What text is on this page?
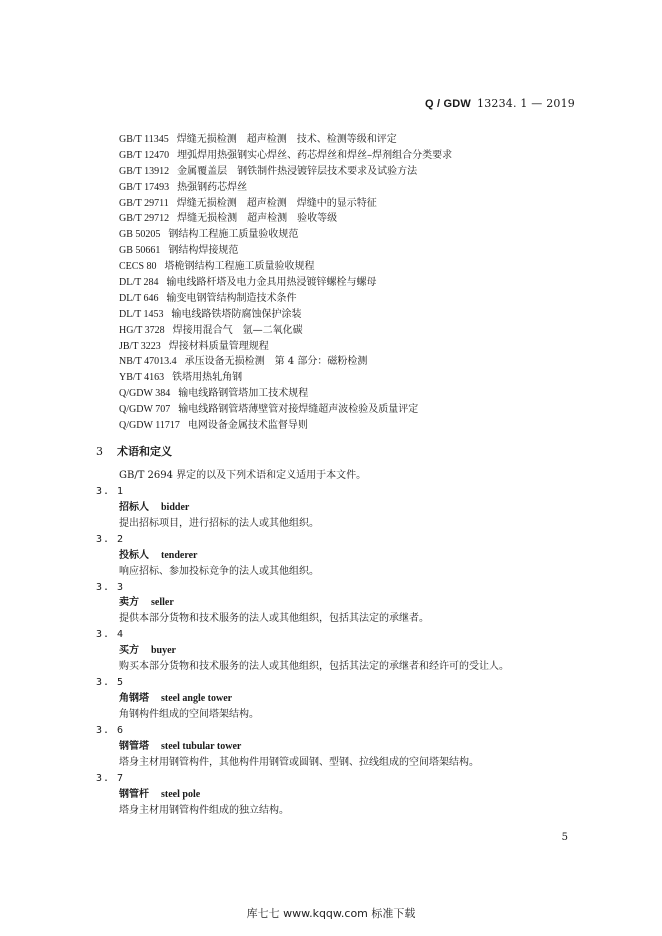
Q / GDW 13234. 1 — 2019
GB/T 11345 焊缝无损检测　超声检测　技术、检测等级和评定
GB/T 12470 埋弧焊用热强钢实心焊丝、药芯焊丝和焊丝–焊剂组合分类要求
GB/T 13912 金属覆盖层　钢铁制件热浸镀锌层技术要求及试验方法
GB/T 17493 热强钢药芯焊丝
GB/T 29711 焊缝无损检测　超声检测　焊缝中的显示特征
GB/T 29712 焊缝无损检测　超声检测　验收等级
GB 50205 钢结构工程施工质量验收规范
GB 50661 钢结构焊接规范
CECS 80 塔桅钢结构工程施工质量验收规程
DL/T 284 输电线路杆塔及电力金具用热浸镀锌螺栓与螺母
DL/T 646 输变电钢管结构制造技术条件
DL/T 1453 输电线路铁塔防腐蚀保护涂装
HG/T 3728 焊接用混合气　氩—二氧化碳
JB/T 3223 焊接材料质量管理规程
NB/T 47013.4 承压设备无损检测　第 4 部分：磁粉检测
YB/T 4163 铁塔用热轧角钢
Q/GDW 384 输电线路钢管塔加工技术规程
Q/GDW 707 输电线路钢管塔薄壁管对接焊缝超声波检验及质量评定
Q/GDW 11717 电网设备金属技术监督导则
3 术语和定义
GB/T 2694 界定的以及下列术语和定义适用于本文件。
3. 1
招标人 bidder
提出招标项目，进行招标的法人或其他组织。
3. 2
投标人 tenderer
响应招标、参加投标竞争的法人或其他组织。
3. 3
卖方 seller
提供本部分货物和技术服务的法人或其他组织，包括其法定的承继者。
3. 4
买方 buyer
购买本部分货物和技术服务的法人或其他组织，包括其法定的承继者和经许可的受让人。
3. 5
角钢塔 steel angle tower
角钢构件组成的空间塔架结构。
3. 6
钢管塔 steel tubular tower
塔身主材用钢管构件，其他构件用钢管或圆钢、型钢、拉线组成的空间塔架结构。
3. 7
钢管杆 steel pole
塔身主材用钢管构件组成的独立结构。
5
库七七 www.kqqw.com 标准下载
